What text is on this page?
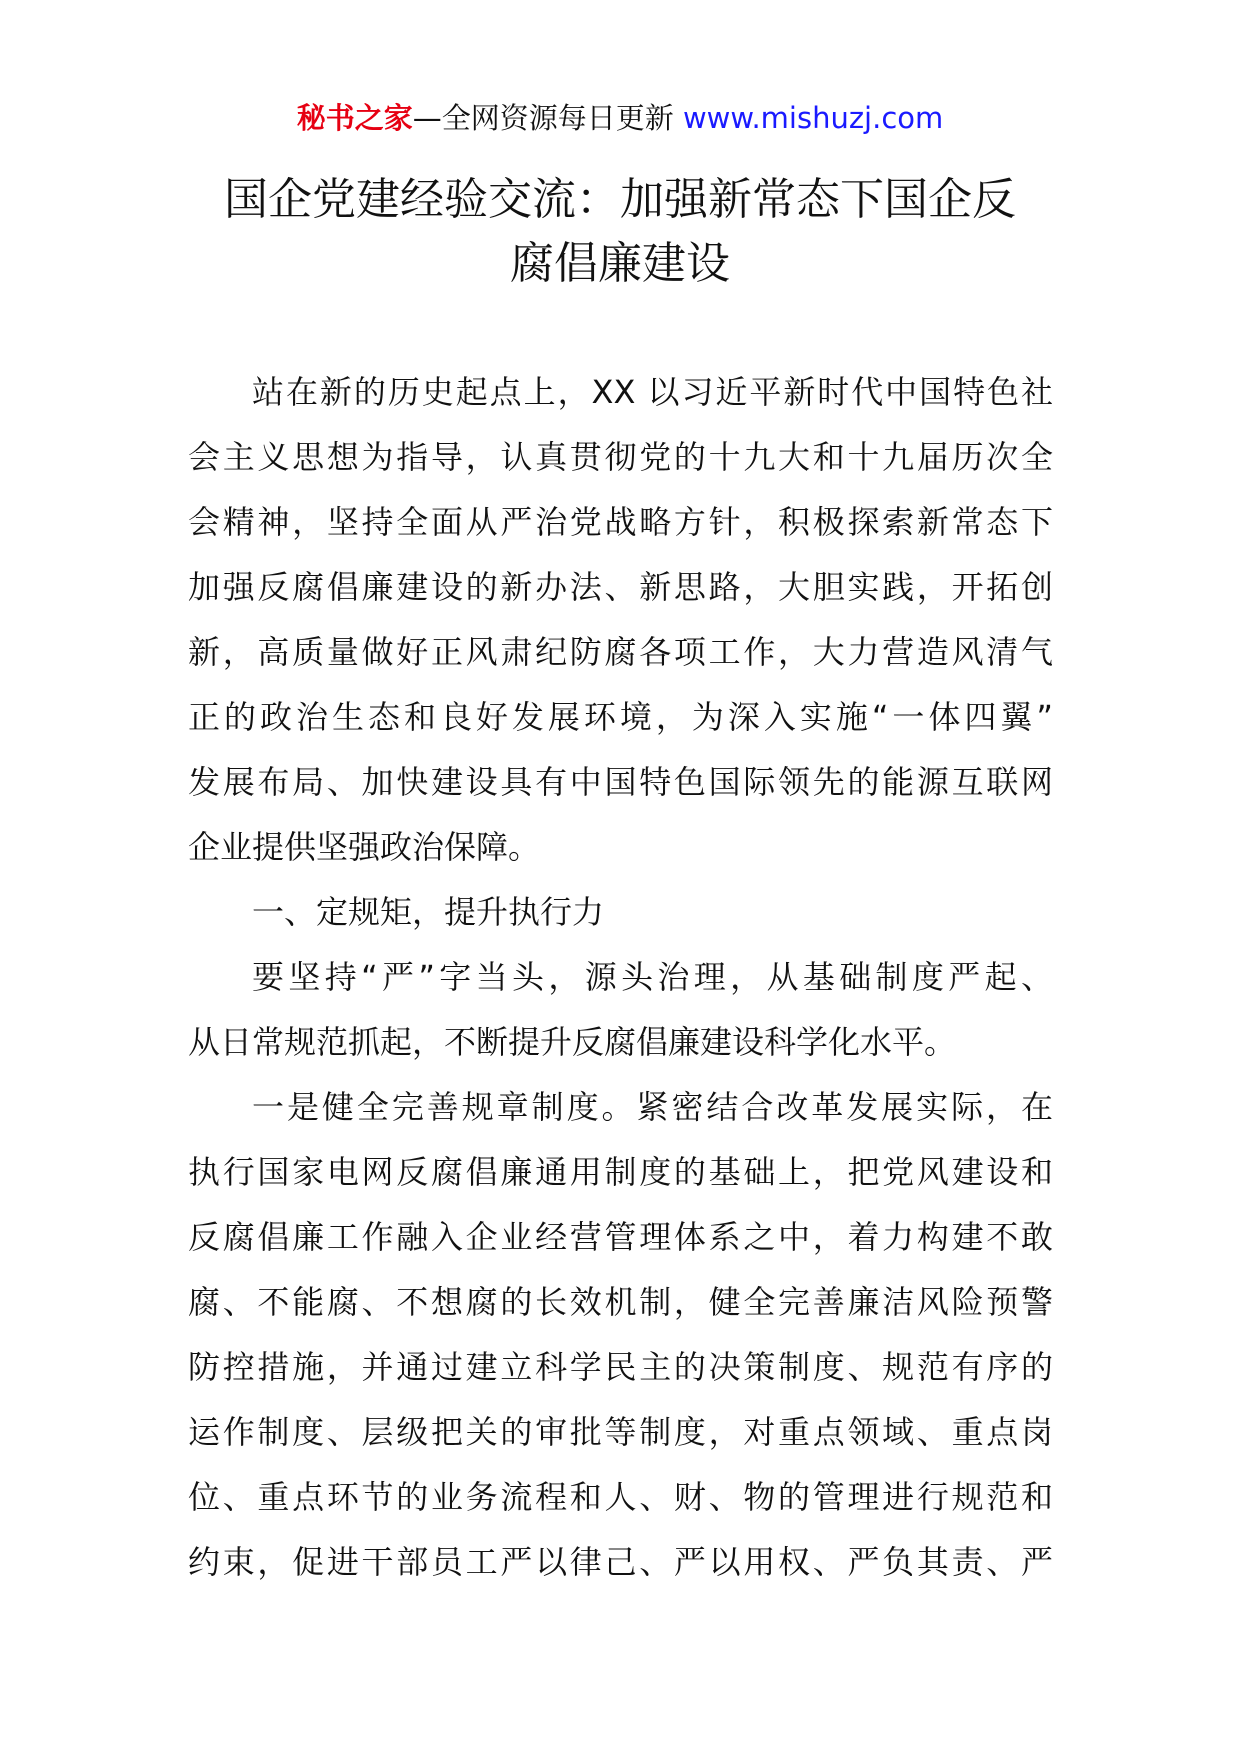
秘书之家—全网资源每日更新 www.mishuzj.com
国企党建经验交流：加强新常态下国企反
腐倡廉建设
站在新的历史起点上，XX 以习近平新时代中国特色社
会主义思想为指导，认真贯彻党的十九大和十九届历次全
会精神，坚持全面从严治党战略方针，积极探索新常态下
加强反腐倡廉建设的新办法、新思路，大胆实践，开拓创
新，高质量做好正风肃纪防腐各项工作，大力营造风清气
正的政治生态和良好发展环境，为深入实施“一体四翼”
发展布局、加快建设具有中国特色国际领先的能源互联网
企业提供坚强政治保障。
一、定规矩，提升执行力
要坚持“严”字当头，源头治理，从基础制度严起、
从日常规范抓起，不断提升反腐倡廉建设科学化水平。
一是健全完善规章制度。紧密结合改革发展实际，在
执行国家电网反腐倡廉通用制度的基础上，把党风建设和
反腐倡廉工作融入企业经营管理体系之中，着力构建不敢
腐、不能腐、不想腐的长效机制，健全完善廉洁风险预警
防控措施，并通过建立科学民主的决策制度、规范有序的
运作制度、层级把关的审批等制度，对重点领域、重点岗
位、重点环节的业务流程和人、财、物的管理进行规范和
约束，促进干部员工严以律己、严以用权、严负其责、严
